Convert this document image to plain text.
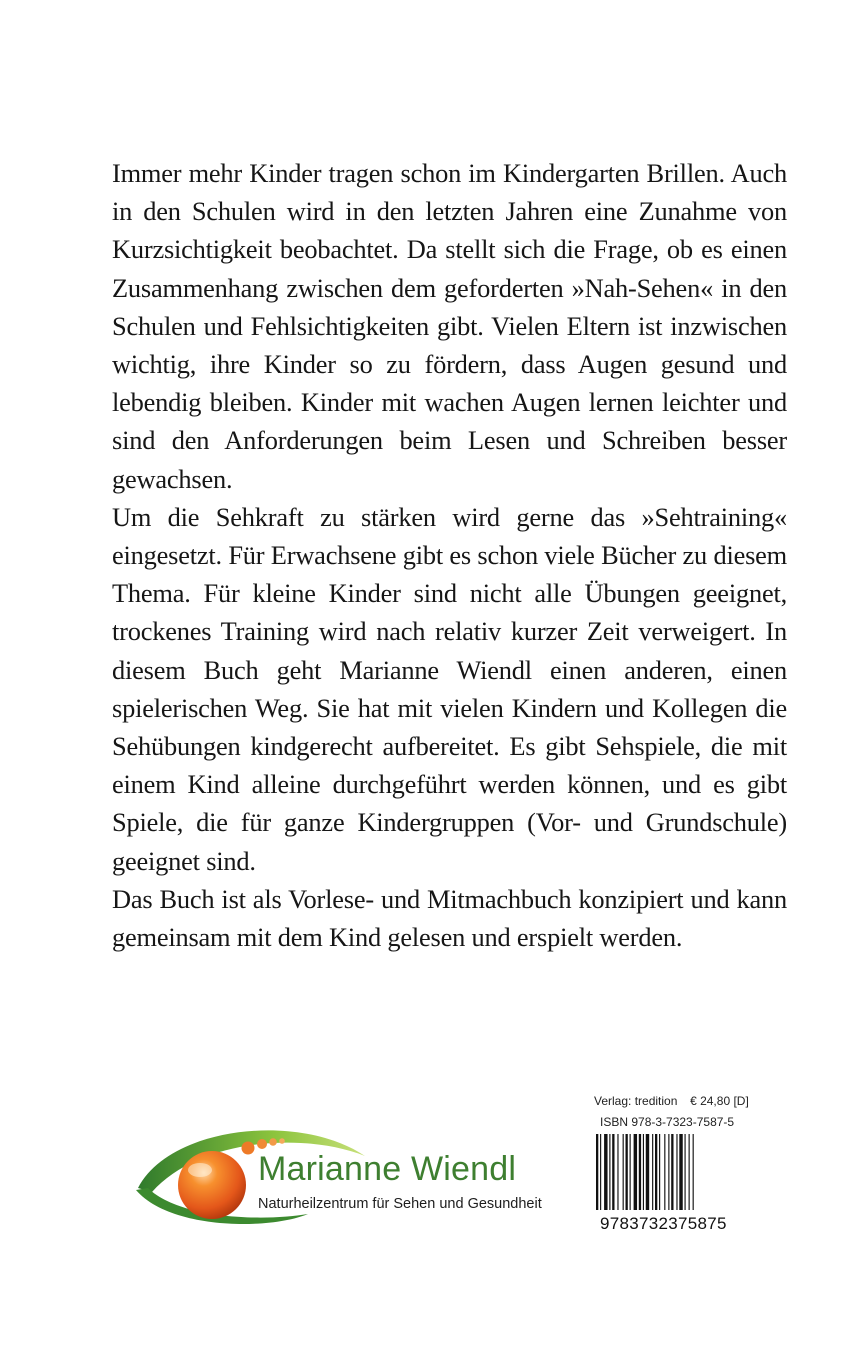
Immer mehr Kinder tragen schon im Kindergarten Brillen. Auch in den Schulen wird in den letzten Jahren eine Zunahme von Kurzsichtigkeit beobachtet. Da stellt sich die Frage, ob es einen Zusammenhang zwischen dem geforderten »Nah-Sehen« in den Schulen und Fehlsichtigkeiten gibt. Vielen Eltern ist inzwischen wichtig, ihre Kinder so zu fördern, dass Augen gesund und lebendig bleiben. Kinder mit wachen Augen lernen leichter und sind den Anforderungen beim Lesen und Schreiben besser gewachsen.

Um die Sehkraft zu stärken wird gerne das »Sehtraining« eingesetzt. Für Erwachsene gibt es schon viele Bücher zu diesem Thema. Für kleine Kinder sind nicht alle Übungen geeignet, trockenes Training wird nach relativ kurzer Zeit verweigert. In diesem Buch geht Marianne Wiendl einen anderen, einen spielerischen Weg. Sie hat mit vielen Kindern und Kollegen die Sehübungen kindgerecht aufbereitet. Es gibt Sehspiele, die mit einem Kind alleine durchgeführt werden können, und es gibt Spiele, die für ganze Kindergruppen (Vor- und Grundschule) geeignet sind.

Das Buch ist als Vorlese- und Mitmachbuch konzipiert und kann gemeinsam mit dem Kind gelesen und erspielt werden.

Marianne Wiendl
Naturheilzentrum für Sehen und Gesundheit
Verlag: tredition € 24,80 [D]
ISBN 978-3-7323-7587-5
9783732375875
